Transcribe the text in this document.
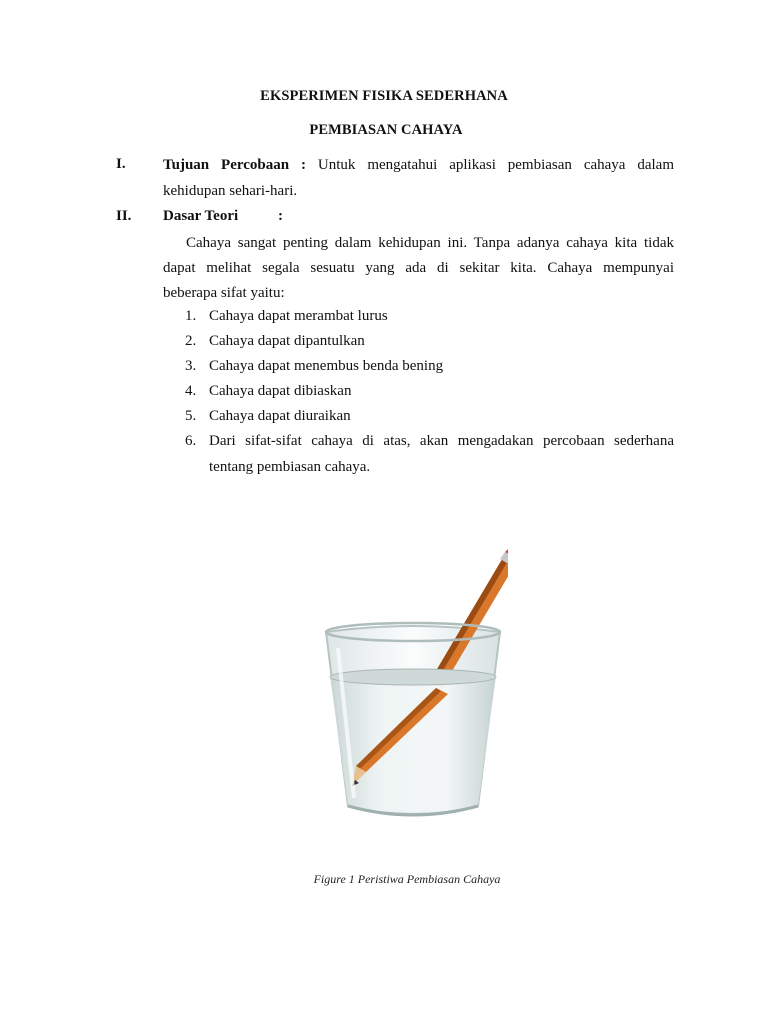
EKSPERIMEN FISIKA SEDERHANA
PEMBIASAN CAHAYA
I. Tujuan Percobaan : Untuk mengatahui aplikasi pembiasan cahaya dalam
kehidupan sehari-hari.
II. Dasar Teori	:
Cahaya sangat penting dalam kehidupan ini. Tanpa adanya cahaya kita tidak
dapat melihat segala sesuatu yang ada di sekitar kita. Cahaya mempunyai
beberapa sifat yaitu:
1. Cahaya dapat merambat lurus
2. Cahaya dapat dipantulkan
3. Cahaya dapat menembus benda bening
4. Cahaya dapat dibiaskan
5. Cahaya dapat diuraikan
6. Dari sifat-sifat cahaya di atas, akan mengadakan percobaan sederhana
tentang pembiasan cahaya.
Figure 1 Peristiwa Pembiasan Cahaya
